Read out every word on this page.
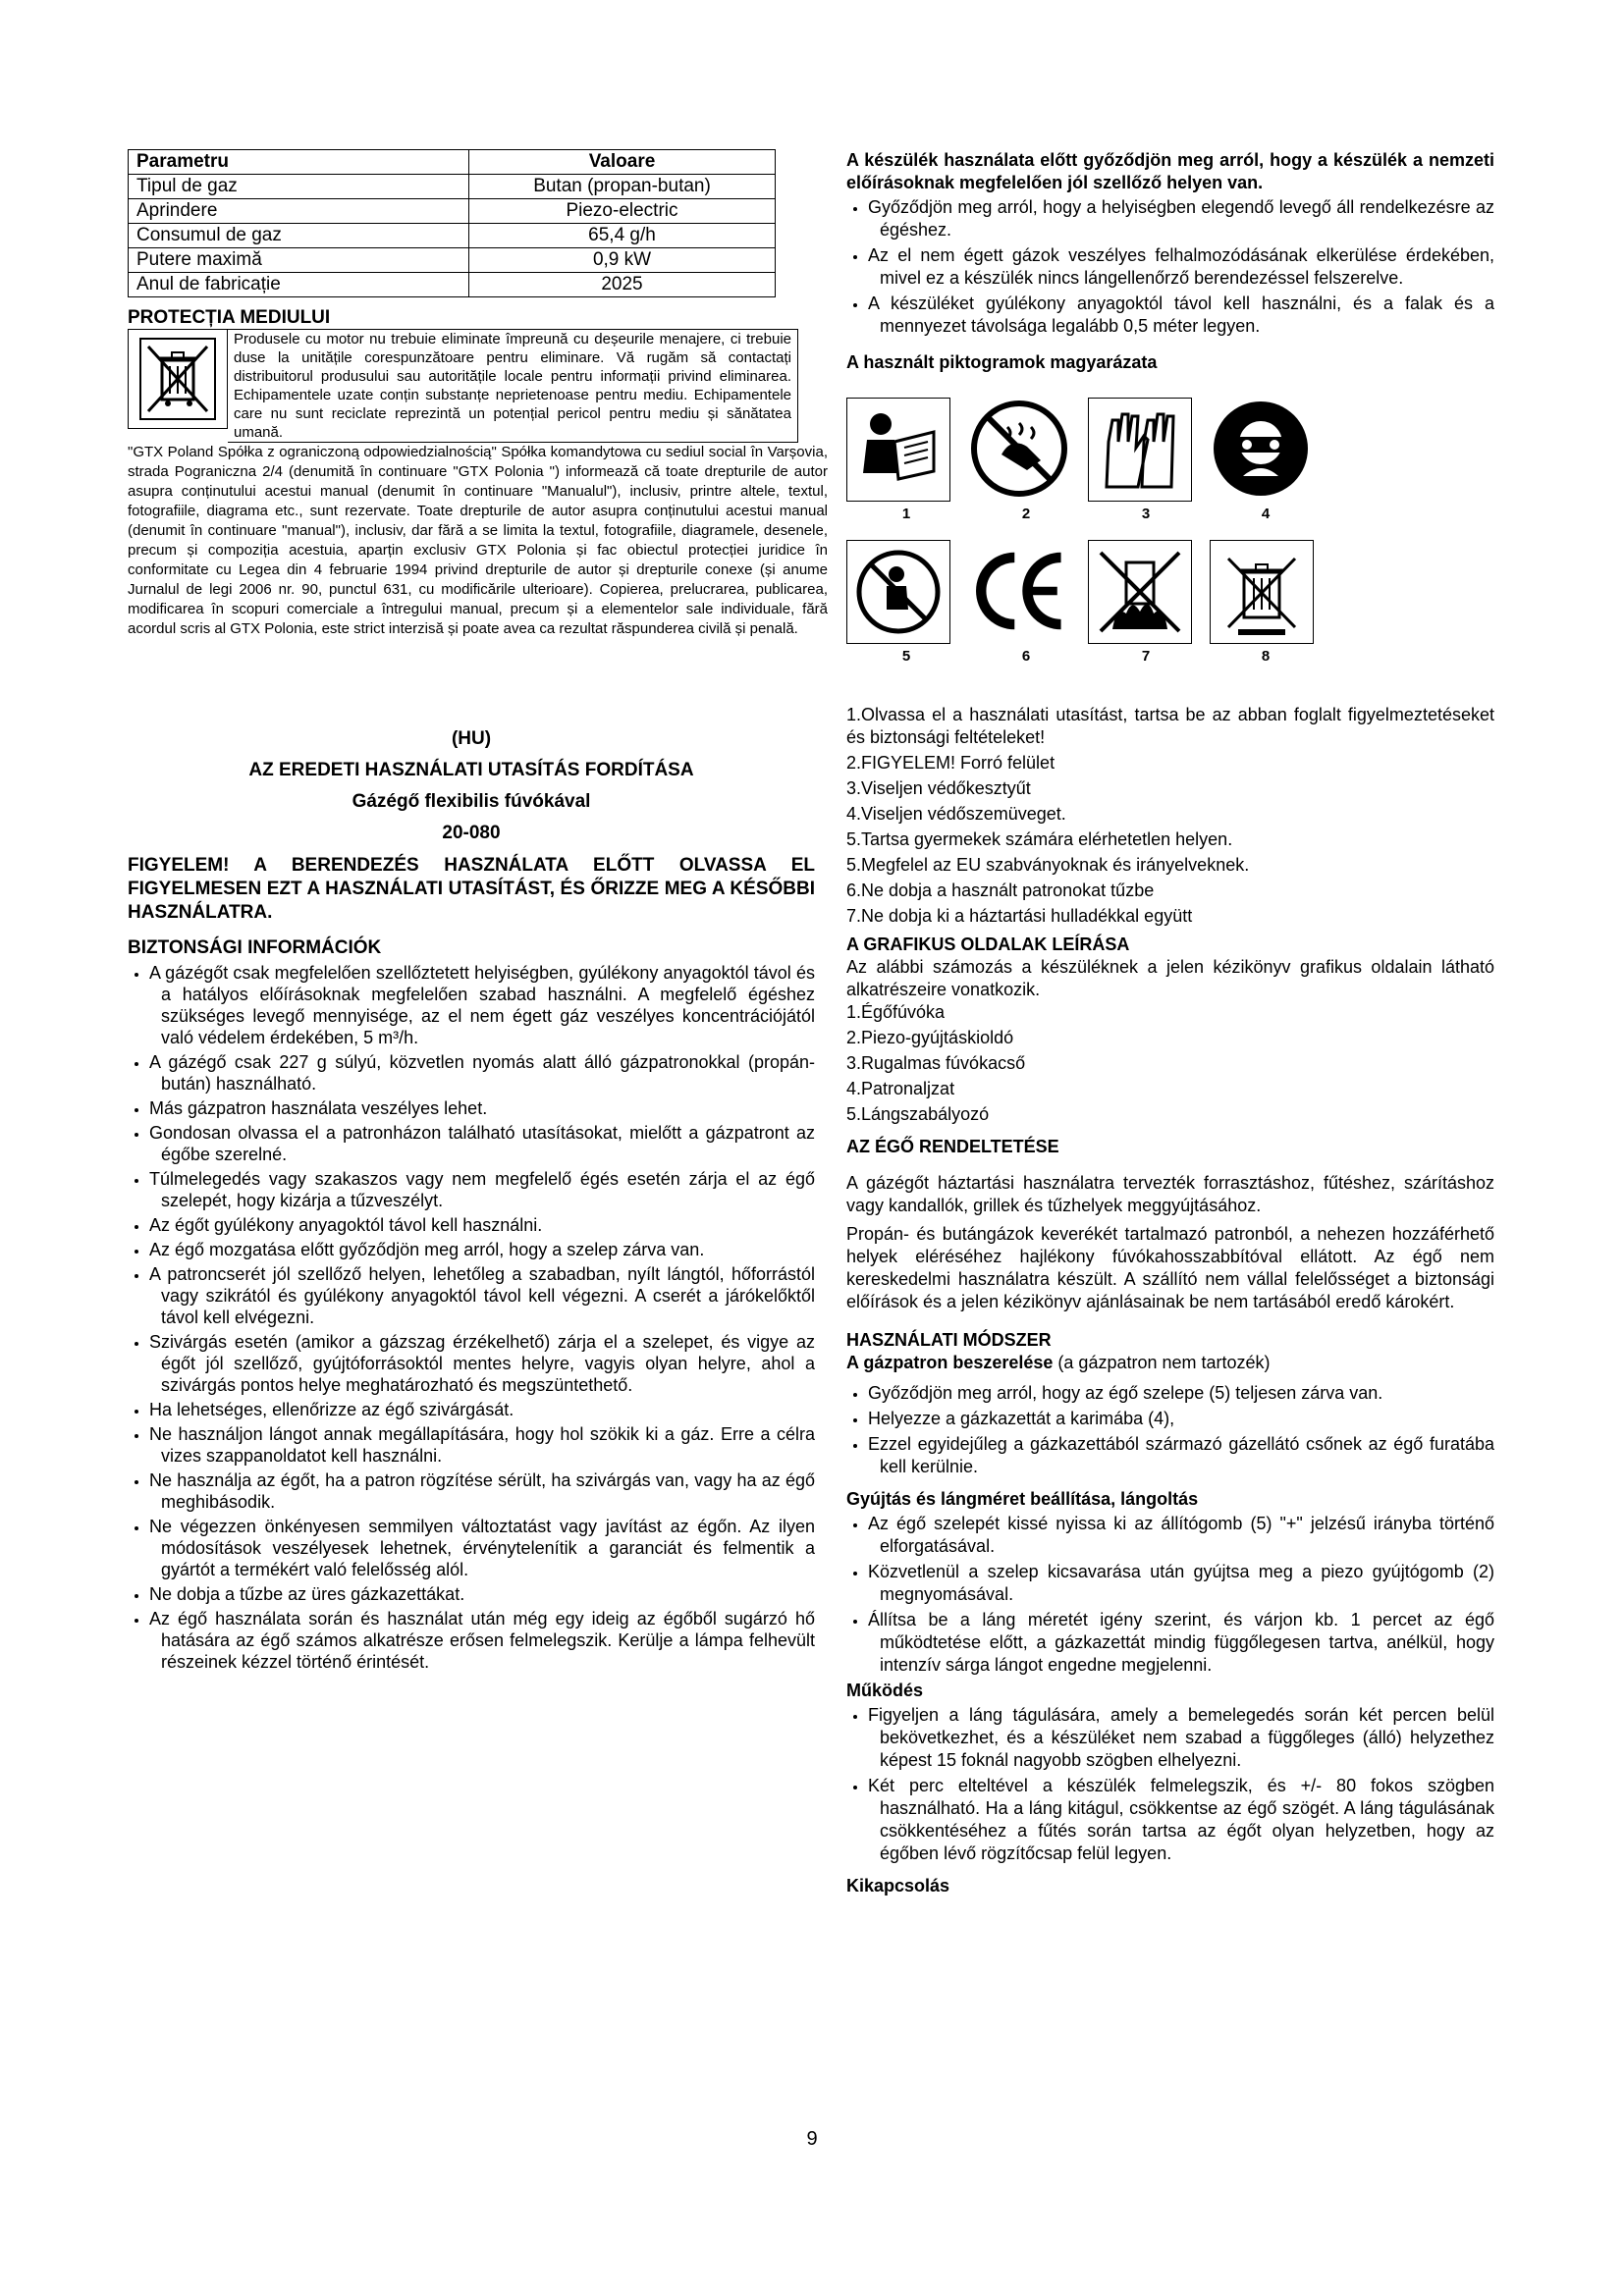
Parametru	Valoare
Tipul de gaz	Butan (propan-butan)
Aprindere	Piezo-electric
Consumul de gaz	65,4 g/h
Putere maximă	0,9 kW
Anul de fabricație	2025
PROTECȚIA MEDIULUI
Produsele cu motor nu trebuie eliminate împreună cu deșeurile menajere, ci trebuie duse la unitățile corespunzătoare pentru eliminare. Vă rugăm să contactați distribuitorul produsului sau autoritățile locale pentru informații privind eliminarea. Echipamentele uzate conțin substanțe neprietenoase pentru mediu. Echipamentele care nu sunt reciclate reprezintă un potențial pericol pentru mediu și sănătatea umană.

"GTX Poland Spółka z ograniczoną odpowiedzialnością" Spółka komandytowa cu sediul social în Varșovia, strada Pograniczna 2/4 (denumită în continuare "GTX Polonia ") informează că toate drepturile de autor asupra conținutului acestui manual (denumit în continuare "Manualul"), inclusiv, printre altele, textul, fotografiile, diagrama etc., sunt rezervate. Toate drepturile de autor asupra conținutului acestui manual (denumit în continuare "manual"), inclusiv, dar fără a se limita la textul, fotografiile, diagramele, desenele, precum și compoziția acestuia, aparțin exclusiv GTX Polonia și fac obiectul protecției juridice în conformitate cu Legea din 4 februarie 1994 privind drepturile de autor și drepturile conexe (și anume Jurnalul de legi 2006 nr. 90, punctul 631, cu modificările ulterioare). Copierea, prelucrarea, publicarea, modificarea în scopuri comerciale a întregului manual, precum și a elementelor sale individuale, fără acordul scris al GTX Polonia, este strict interzisă și poate avea ca rezultat răspunderea civilă și penală.

(HU)

AZ EREDETI HASZNÁLATI UTASÍTÁS FORDÍTÁSA

Gázégő flexibilis fúvókával

20-080

FIGYELEM! A BERENDEZÉS HASZNÁLATA ELŐTT OLVASSA EL FIGYELMESEN EZT A HASZNÁLATI UTASÍTÁST, ÉS ŐRIZZE MEG A KÉSŐBBI HASZNÁLATRA.

BIZTONSÁGI INFORMÁCIÓK
• A gázégőt csak megfelelően szellőztetett helyiségben, gyúlékony anyagoktól távol és a hatályos előírásoknak megfelelően szabad használni. A megfelelő égéshez szükséges levegő mennyisége, az el nem égett gáz veszélyes koncentrációjától való védelem érdekében, 5 m³/h.
• A gázégő csak 227 g súlyú, közvetlen nyomás alatt álló gázpatronokkal (propán-bután) használható.
• Más gázpatron használata veszélyes lehet.
• Gondosan olvassa el a patronházon található utasításokat, mielőtt a gázpatront az égőbe szerelné.
• Túlmelegedés vagy szakaszos vagy nem megfelelő égés esetén zárja el az égő szelepét, hogy kizárja a tűzveszélyt.
• Az égőt gyúlékony anyagoktól távol kell használni.
• Az égő mozgatása előtt győződjön meg arról, hogy a szelep zárva van.
• A patroncserét jól szellőző helyen, lehetőleg a szabadban, nyílt lángtól, hőforrástól vagy szikrától és gyúlékony anyagoktól távol kell végezni. A cserét a járókelőktől távol kell elvégezni.
• Szivárgás esetén (amikor a gázszag érzékelhető) zárja el a szelepet, és vigye az égőt jól szellőző, gyújtóforrásoktól mentes helyre, vagyis olyan helyre, ahol a szivárgás pontos helye meghatározható és megszüntethető.
• Ha lehetséges, ellenőrizze az égő szivárgását.
• Ne használjon lángot annak megállapítására, hogy hol szökik ki a gáz. Erre a célra vizes szappanoldatot kell használni.
• Ne használja az égőt, ha a patron rögzítése sérült, ha szivárgás van, vagy ha az égő meghibásodik.
• Ne végezzen önkényesen semmilyen változtatást vagy javítást az égőn. Az ilyen módosítások veszélyesek lehetnek, érvénytelenítik a garanciát és felmentik a gyártót a termékért való felelősség alól.
• Ne dobja a tűzbe az üres gázkazettákat.
• Az égő használata során és használat után még egy ideig az égőből sugárzó hő hatására az égő számos alkatrésze erősen felmelegszik. Kerülje a lámpa felhevült részeinek kézzel történő érintését.

A készülék használata előtt győződjön meg arról, hogy a készülék a nemzeti előírásoknak megfelelően jól szellőző helyen van.

• Győződjön meg arról, hogy a helyiségben elegendő levegő áll rendelkezésre az égéshez.
• Az el nem égett gázok veszélyes felhalmozódásának elkerülése érdekében, mivel ez a készülék nincs lángellenőrző berendezéssel felszerelve.
• A készüléket gyúlékony anyagoktól távol kell használni, és a falak és a mennyezet távolsága legalább 0,5 méter legyen.

A használt piktogramok magyarázata

1	2	3	4
5	6	7	8

1.Olvassa el a használati utasítást, tartsa be az abban foglalt figyelmeztetéseket és biztonsági feltételeket!

2.FIGYELEM! Forró felület

3.Viseljen védőkesztyűt

4.Viseljen védőszemüveget.

5.Tartsa gyermekek számára elérhetetlen helyen.

5.Megfelel az EU szabványoknak és irányelveknek.

6.Ne dobja a használt patronokat tűzbe

7.Ne dobja ki a háztartási hulladékkal együtt

A GRAFIKUS OLDALAK LEÍRÁSA

Az alábbi számozás a készüléknek a jelen kézikönyv grafikus oldalain látható alkatrészeire vonatkozik.

1.Égőfúvóka

2.Piezo-gyújtáskioldó

3.Rugalmas fúvókacső

4.Patronaljzat

5.Lángszabályozó

AZ ÉGŐ RENDELTETÉSE

A gázégőt háztartási használatra tervezték forrasztáshoz, fűtéshez, szárításhoz vagy kandallók, grillek és tűzhelyek meggyújtásához.

Propán- és butángázok keverékét tartalmazó patronból, a nehezen hozzáférhető helyek eléréséhez hajlékony fúvókahosszabbítóval ellátott. Az égő nem kereskedelmi használatra készült. A szállító nem vállal felelősséget a biztonsági előírások és a jelen kézikönyv ajánlásainak be nem tartásából eredő károkért.

HASZNÁLATI MÓDSZER

A gázpatron beszerelése (a gázpatron nem tartozék)

• Győződjön meg arról, hogy az égő szelepe (5) teljesen zárva van.
• Helyezze a gázkazettát a karimába (4),
• Ezzel egyidejűleg a gázkazettából származó gázellátó csőnek az égő furatába kell kerülnie.

Gyújtás és lángméret beállítása, lángoltás

• Az égő szelepét kissé nyissa ki az állítógomb (5) "+" jelzésű irányba történő elforgatásával.
• Közvetlenül a szelep kicsavarása után gyújtsa meg a piezo gyújtógomb (2) megnyomásával.
• Állítsa be a láng méretét igény szerint, és várjon kb. 1 percet az égő működtetése előtt, a gázkazettát mindig függőlegesen tartva, anélkül, hogy intenzív sárga lángot engedne megjelenni.

Működés

• Figyeljen a láng tágulására, amely a bemelegedés során két percen belül bekövetkezhet, és a készüléket nem szabad a függőleges (álló) helyzethez képest 15 foknál nagyobb szögben elhelyezni.
• Két perc elteltével a készülék felmelegszik, és +/- 80 fokos szögben használható. Ha a láng kitágul, csökkentse az égő szögét. A láng tágulásának csökkentéséhez a fűtés során tartsa az égőt olyan helyzetben, hogy az égőben lévő rögzítőcsap felül legyen.

Kikapcsolás

9
